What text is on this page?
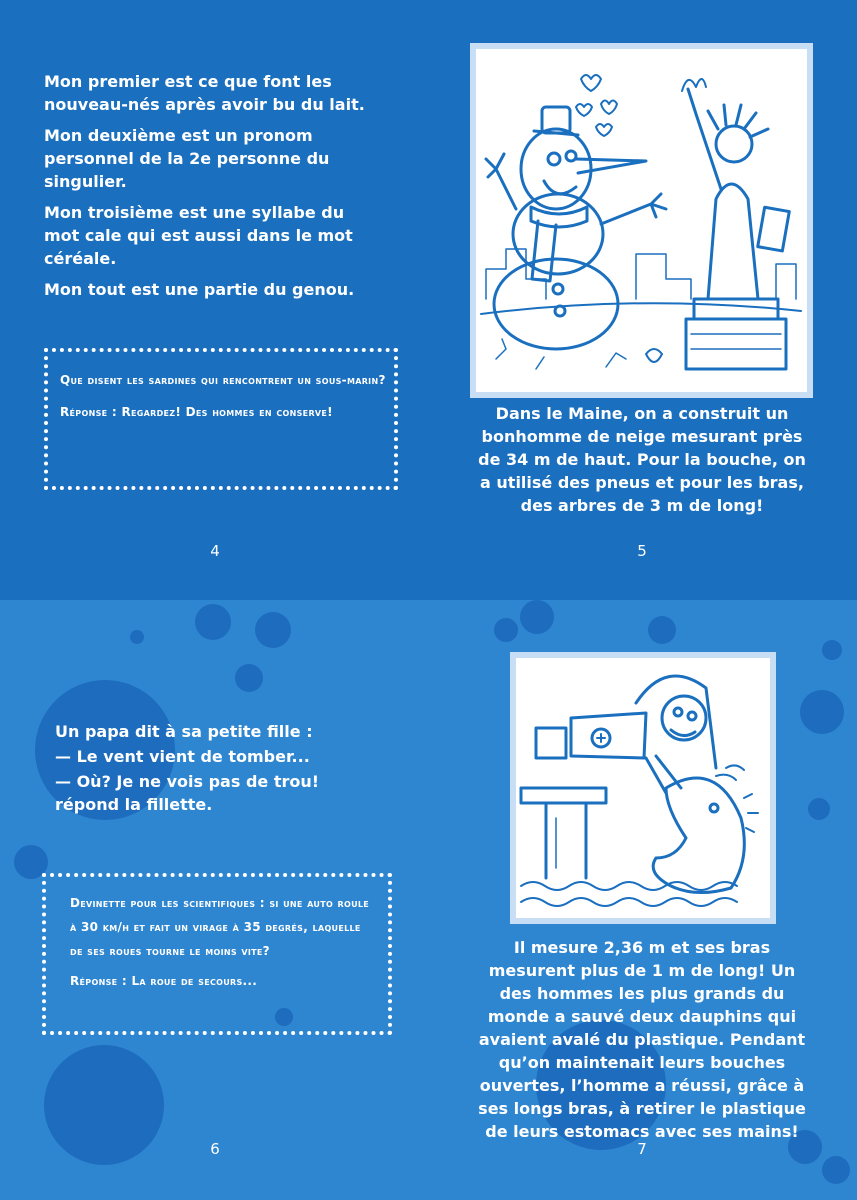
Mon premier est ce que font les nouveau-nés après avoir bu du lait.

Mon deuxième est un pronom personnel de la 2e personne du singulier.

Mon troisième est une syllabe du mot cale qui est aussi dans le mot céréale.

Mon tout est une partie du genou.

Que disent les sardines qui rencontrent un sous-marin?

Réponse : Regardez! Des hommes en conserve!

4
Dans le Maine, on a construit un bonhomme de neige mesurant près de 34 m de haut. Pour la bouche, on a utilisé des pneus et pour les bras, des arbres de 3 m de long!
5

Un papa dit à sa petite fille :

— Le vent vient de tomber...

— Où? Je ne vois pas de trou! répond la fillette.

Devinette pour les scientifiques : si une auto roule à 30 km/h et fait un virage à 35 degrés, laquelle de ses roues tourne le moins vite?

Réponse : La roue de secours...

6
Il mesure 2,36 m et ses bras mesurent plus de 1 m de long! Un des hommes les plus grands du monde a sauvé deux dauphins qui avaient avalé du plastique. Pendant qu’on maintenait leurs bouches ouvertes, l’homme a réussi, grâce à ses longs bras, à retirer le plastique de leurs estomacs avec ses mains!
7
